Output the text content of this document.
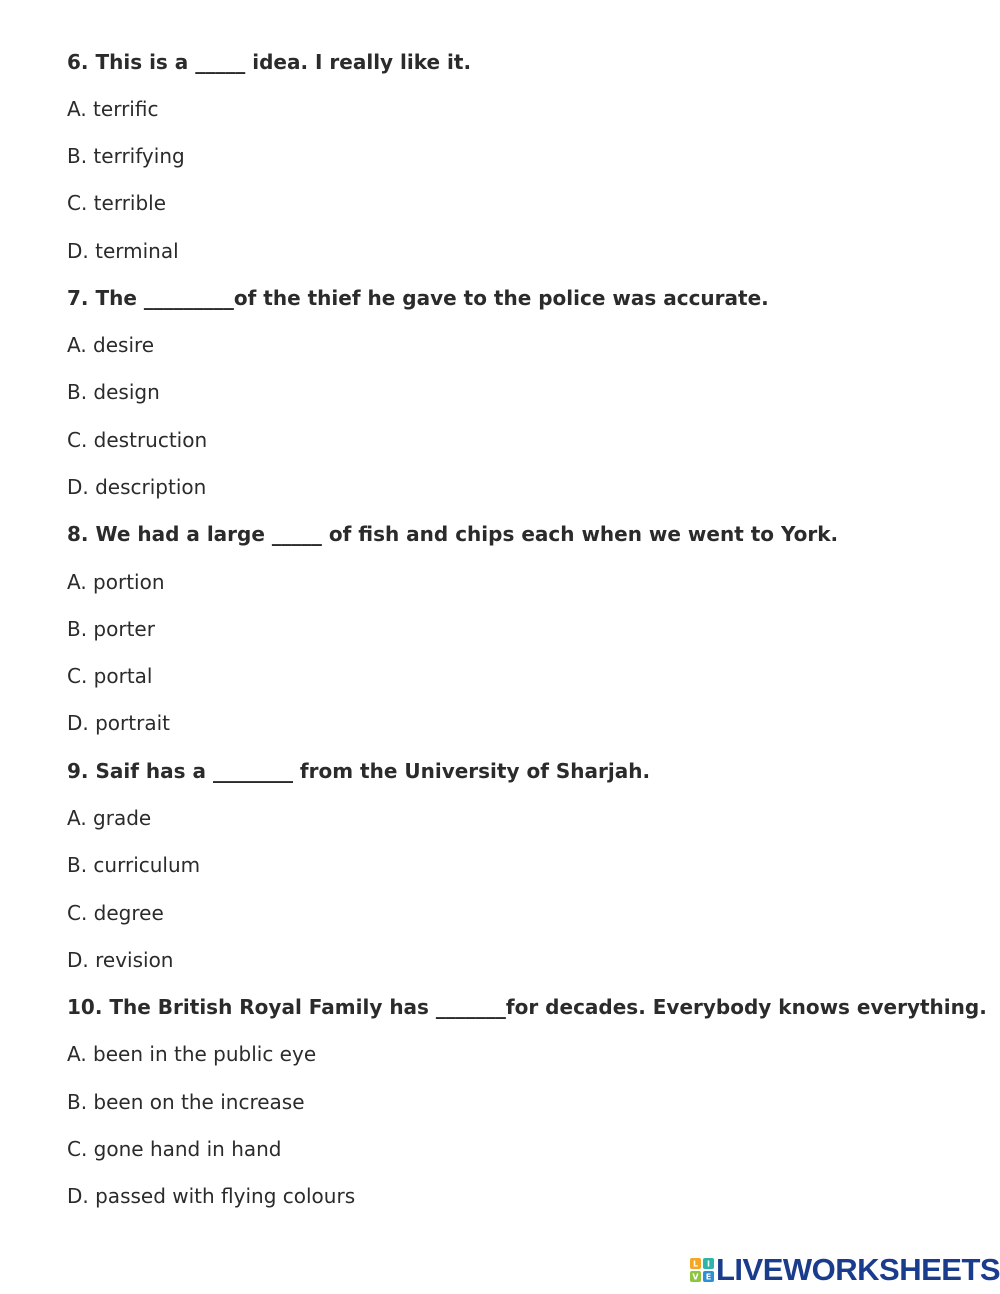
6. This is a _____ idea. I really like it.

A. terrific

B. terrifying

C. terrible

D. terminal

7. The _________of the thief he gave to the police was accurate.

A. desire

B. design

C. destruction

D. description

8. We had a large _____ of fish and chips each when we went to York.

A. portion

B. porter

C. portal

D. portrait

9. Saif has a ________ from the University of Sharjah.

A. grade

B. curriculum

C. degree

D. revision

10. The British Royal Family has _______for decades. Everybody knows everything.

A. been in the public eye

B. been on the increase

C. gone hand in hand

D. passed with flying colours

L I
V E LIVEWORKSHEETS
